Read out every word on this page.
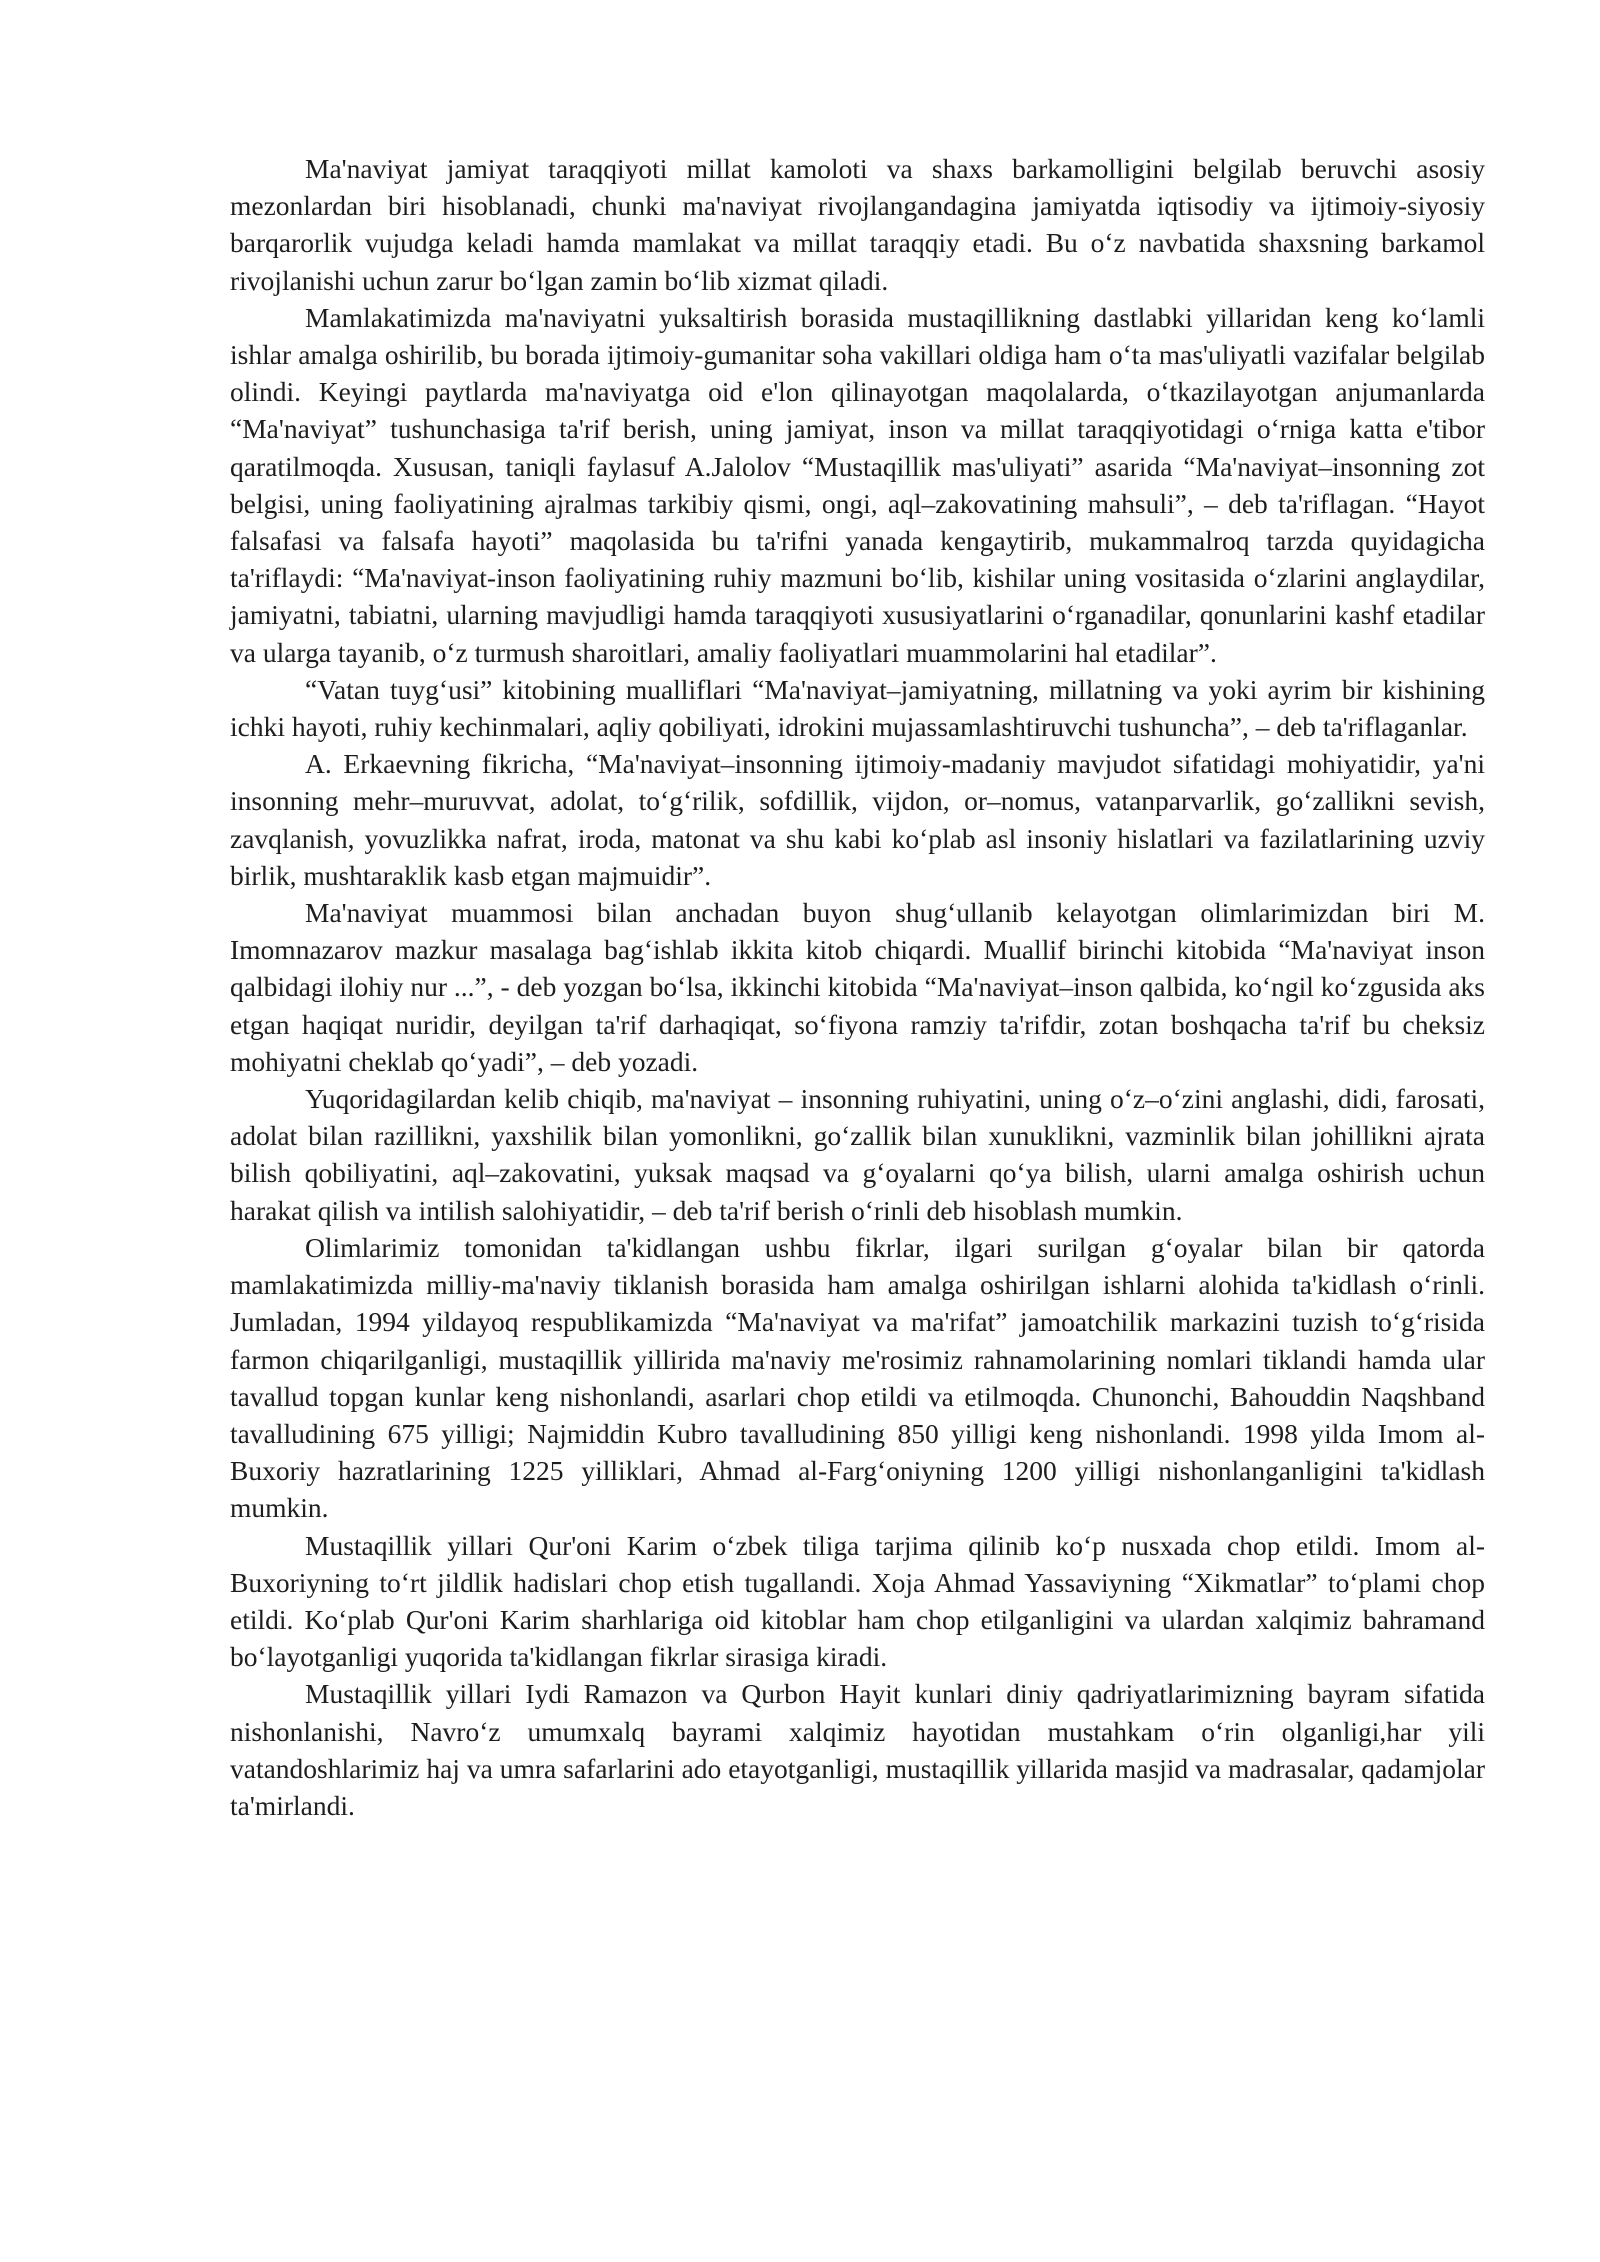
Ma'naviyat jamiyat taraqqiyoti millat kamoloti va shaxs barkamolligini belgilab beruvchi asosiy mezonlardan biri hisoblanadi, chunki ma'naviyat rivojlangandagina jamiyatda iqtisodiy va ijtimoiy-siyosiy barqarorlik vujudga keladi hamda mamlakat va millat taraqqiy etadi. Bu o‘z navbatida shaxsning barkamol rivojlanishi uchun zarur bo‘lgan zamin bo‘lib xizmat qiladi.

Mamlakatimizda ma'naviyatni yuksaltirish borasida mustaqillikning dastlabki yillaridan keng ko‘lamli ishlar amalga oshirilib, bu borada ijtimoiy-gumanitar soha vakillari oldiga ham o‘ta mas'uliyatli vazifalar belgilab olindi. Keyingi paytlarda ma'naviyatga oid e'lon qilinayotgan maqolalarda, o‘tkazilayotgan anjumanlarda “Ma'naviyat” tushunchasiga ta'rif berish, uning jamiyat, inson va millat taraqqiyotidagi o‘rniga katta e'tibor qaratilmoqda. Xususan, taniqli faylasuf A.Jalolov “Mustaqillik mas'uliyati” asarida “Ma'naviyat–insonning zot belgisi, uning faoliyatining ajralmas tarkibiy qismi, ongi, aql–zakovatining mahsuli”, – deb ta'riflagan. “Hayot falsafasi va falsafa hayoti” maqolasida bu ta'rifni yanada kengaytirib, mukammalroq tarzda quyidagicha ta'riflaydi: “Ma'naviyat-inson faoliyatining ruhiy mazmuni bo‘lib, kishilar uning vositasida o‘zlarini anglaydilar, jamiyatni, tabiatni, ularning mavjudligi hamda taraqqiyoti xususiyatlarini o‘rganadilar, qonunlarini kashf etadilar va ularga tayanib, o‘z turmush sharoitlari, amaliy faoliyatlari muammolarini hal etadilar”.

“Vatan tuyg‘usi” kitobining mualliflari “Ma'naviyat–jamiyatning, millatning va yoki ayrim bir kishining ichki hayoti, ruhiy kechinmalari, aqliy qobiliyati, idrokini mujassamlashtiruvchi tushuncha”, – deb ta'riflaganlar.

A. Erkaevning fikricha, “Ma'naviyat–insonning ijtimoiy-madaniy mavjudot sifatidagi mohiyatidir, ya'ni insonning mehr–muruvvat, adolat, to‘g‘rilik, sofdillik, vijdon, or–nomus, vatanparvarlik, go‘zallikni sevish, zavqlanish, yovuzlikka nafrat, iroda, matonat va shu kabi ko‘plab asl insoniy hislatlari va fazilatlarining uzviy birlik, mushtaraklik kasb etgan majmuidir”.

Ma'naviyat muammosi bilan anchadan buyon shug‘ullanib kelayotgan olimlarimizdan biri M. Imomnazarov mazkur masalaga bag‘ishlab ikkita kitob chiqardi. Muallif birinchi kitobida “Ma'naviyat inson qalbidagi ilohiy nur ...”, - deb yozgan bo‘lsa, ikkinchi kitobida “Ma'naviyat–inson qalbida, ko‘ngil ko‘zgusida aks etgan haqiqat nuridir, deyilgan ta'rif darhaqiqat, so‘fiyona ramziy ta'rifdir, zotan boshqacha ta'rif bu cheksiz mohiyatni cheklab qo‘yadi”, – deb yozadi.

Yuqoridagilardan kelib chiqib, ma'naviyat – insonning ruhiyatini, uning o‘z–o‘zini anglashi, didi, farosati, adolat bilan razillikni, yaxshilik bilan yomonlikni, go‘zallik bilan xunuklikni, vazminlik bilan johillikni ajrata bilish qobiliyatini, aql–zakovatini, yuksak maqsad va g‘oyalarni qo‘ya bilish, ularni amalga oshirish uchun harakat qilish va intilish salohiyatidir, – deb ta'rif berish o‘rinli deb hisoblash mumkin.

Olimlarimiz tomonidan ta'kidlangan ushbu fikrlar, ilgari surilgan g‘oyalar bilan bir qatorda mamlakatimizda milliy-ma'naviy tiklanish borasida ham amalga oshirilgan ishlarni alohida ta'kidlash o‘rinli. Jumladan, 1994 yildayoq respublikamizda “Ma'naviyat va ma'rifat” jamoatchilik markazini tuzish to‘g‘risida farmon chiqarilganligi, mustaqillik yillirida ma'naviy me'rosimiz rahnamolarining nomlari tiklandi hamda ular tavallud topgan kunlar keng nishonlandi, asarlari chop etildi va etilmoqda. Chunonchi, Bahouddin Naqshband tavalludining 675 yilligi; Najmiddin Kubro tavalludining 850 yilligi keng nishonlandi. 1998 yilda Imom al-Buxoriy hazratlarining 1225 yilliklari, Ahmad al-Farg‘oniyning 1200 yilligi nishonlanganligini ta'kidlash mumkin.

Mustaqillik yillari Qur'oni Karim o‘zbek tiliga tarjima qilinib ko‘p nusxada chop etildi. Imom al-Buxoriyning to‘rt jildlik hadislari chop etish tugallandi. Xoja Ahmad Yassaviyning “Xikmatlar” to‘plami chop etildi. Ko‘plab Qur'oni Karim sharhlariga oid kitoblar ham chop etilganligini va ulardan xalqimiz bahramand bo‘layotganligi yuqorida ta'kidlangan fikrlar sirasiga kiradi.

Mustaqillik yillari Iydi Ramazon va Qurbon Hayit kunlari diniy qadriyatlarimizning bayram sifatida nishonlanishi, Navro‘z umumxalq bayrami xalqimiz hayotidan mustahkam o‘rin olganligi,har yili vatandoshlarimiz haj va umra safarlarini ado etayotganligi, mustaqillik yillarida masjid va madrasalar, qadamjolar ta'mirlandi.
